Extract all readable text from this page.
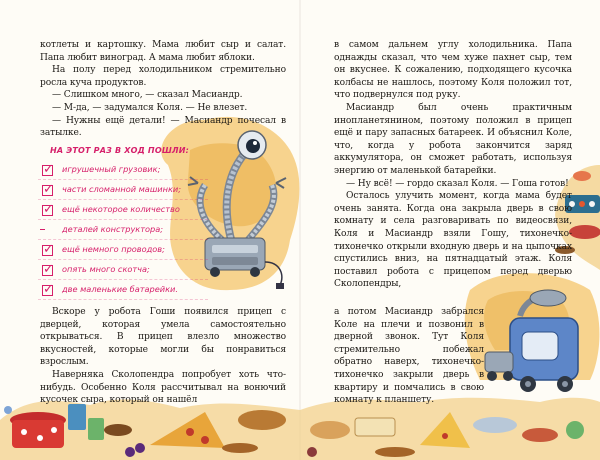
котлеты и картошку. Мама любит сыр и салат. Папа любит виноград. А мама любит яблоки.

На полу перед холодильником стремительно росла куча продуктов.

— Слишком много, — сказал Масиандр.

— М-да, — задумался Коля. — Не влезет.

— Нужны ещё детали! — Масиандр почесал в затылке.

НА ЭТОТ РАЗ В ХОД ПОШЛИ:
✓ игрушечный грузовик;
✓ части сломанной машинки;
✓ ещё некоторое количество
деталей конструктора;
✓ ещё немного проводов;
✓ опять много скотча;
✓ две маленькие батарейки.

Вскоре у робота Гоши появился прицеп с дверцей, которая умела самостоятельно открываться. В прицеп влезло множество вкусностей, которые могли бы понравиться взрослым.

Наверняка Сколопендра попробует хоть что-нибудь. Особенно Коля рассчитывал на вонючий кусочек сыра, который он нашёл

в самом дальнем углу холодильника. Папа однажды сказал, что чем хуже пахнет сыр, тем он вкуснее. К сожалению, подходящего кусочка колбасы не нашлось, поэтому Коля положил тот, что подвернулся под руку.

Масиандр был очень практичным инопланетянином, поэтому положил в прицеп ещё и пару запасных батареек. И объяснил Коле, что, когда у робота закончится заряд аккумулятора, он сможет работать, используя энергию от маленькой батарейки.

— Ну всё! — гордо сказал Коля. — Гоша готов!

Осталось улучить момент, когда мама будет очень занята. Когда она закрыла дверь в свою комнату и села разговаривать по видеосвязи, Коля и Масиандр взяли Гошу, тихонечко-тихонечко открыли входную дверь и на цыпочках спустились вниз, на пятнадцатый этаж. Коля поставил робота с прицепом перед дверью Сколопендры,

а потом Масиандр забрался Коле на плечи и позвонил в дверной звонок. Тут Коля стремительно побежал обратно наверх, тихонечко-тихонечко закрыли дверь в квартиру и помчались в свою комнату к планшету.
